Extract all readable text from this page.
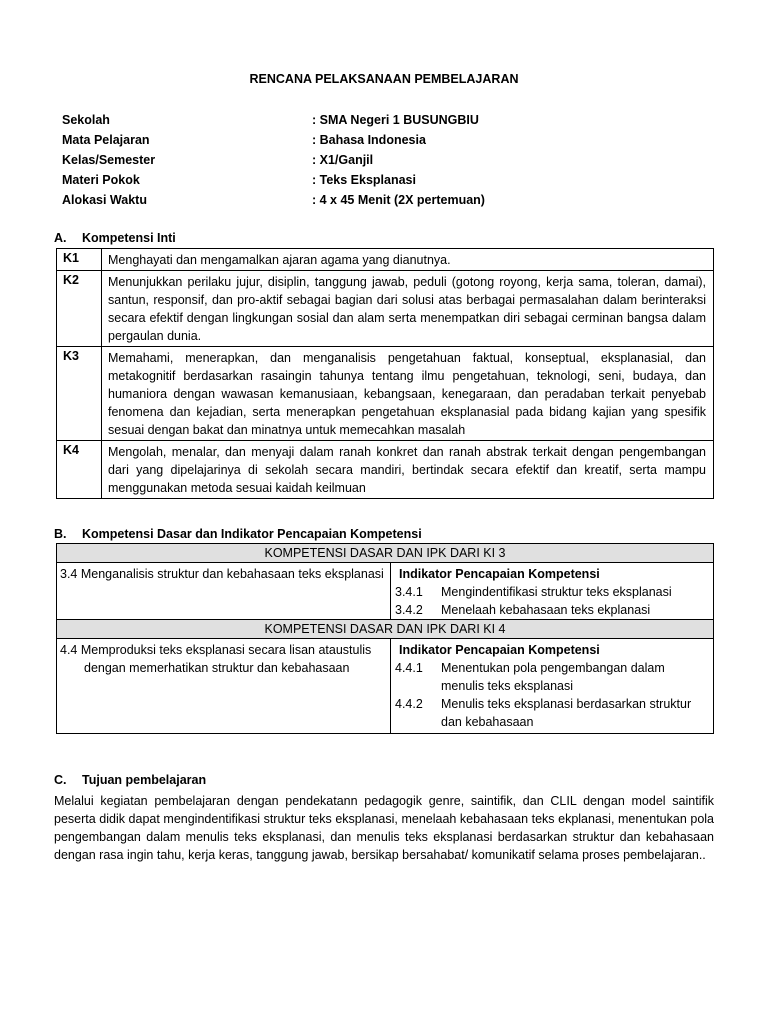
RENCANA PELAKSANAAN PEMBELAJARAN
Sekolah	: SMA Negeri 1 BUSUNGBIU
Mata Pelajaran	: Bahasa Indonesia
Kelas/Semester	: X1/Ganjil
Materi Pokok	: Teks Eksplanasi
Alokasi Waktu	: 4 x 45 Menit (2X pertemuan)
A. Kompetensi Inti
K1	Menghayati dan mengamalkan ajaran agama yang dianutnya.
K2	Menunjukkan perilaku jujur, disiplin, tanggung jawab, peduli (gotong royong, kerja sama, toleran, damai), santun, responsif, dan pro-aktif sebagai bagian dari solusi atas berbagai permasalahan dalam berinteraksi secara efektif dengan lingkungan sosial dan alam serta menempatkan diri sebagai cerminan bangsa dalam pergaulan dunia.
K3	Memahami, menerapkan, dan menganalisis pengetahuan faktual, konseptual, eksplanasial, dan metakognitif berdasarkan rasaingin tahunya tentang ilmu pengetahuan, teknologi, seni, budaya, dan humaniora dengan wawasan kemanusiaan, kebangsaan, kenegaraan, dan peradaban terkait penyebab fenomena dan kejadian, serta menerapkan pengetahuan eksplanasial pada bidang kajian yang spesifik sesuai dengan bakat dan minatnya untuk memecahkan masalah
K4	Mengolah, menalar, dan menyaji dalam ranah konkret dan ranah abstrak terkait dengan pengembangan dari yang dipelajarinya di sekolah secara mandiri, bertindak secara efektif dan kreatif, serta mampu menggunakan metoda sesuai kaidah keilmuan
B. Kompetensi Dasar dan Indikator Pencapaian Kompetensi
KOMPETENSI DASAR DAN IPK DARI KI 3	

3.4 Menganalisis struktur dan kebahasaan teks eksplanasi	Indikator Pencapaian Kompetensi
3.4.1 Mengindentifikasi struktur teks eksplanasi
3.4.2 Menelaah kebahasaan teks ekplanasi

KOMPETENSI DASAR DAN IPK DARI KI 4	

4.4 Memproduksi teks eksplanasi secara lisan ataustulis dengan memerhatikan struktur dan kebahasaan	Indikator Pencapaian Kompetensi
4.4.1 Menentukan pola pengembangan dalam menulis teks eksplanasi
4.4.2 Menulis teks eksplanasi berdasarkan struktur dan kebahasaan
C. Tujuan pembelajaran
Melalui kegiatan pembelajaran dengan pendekatann pedagogik genre, saintifik, dan CLIL dengan model saintifik peserta didik dapat mengindentifikasi struktur teks eksplanasi, menelaah kebahasaan teks ekplanasi, menentukan pola pengembangan dalam menulis teks eksplanasi, dan menulis teks eksplanasi berdasarkan struktur dan kebahasaan dengan rasa ingin tahu, kerja keras, tanggung jawab, bersikap bersahabat/ komunikatif selama proses pembelajaran..
